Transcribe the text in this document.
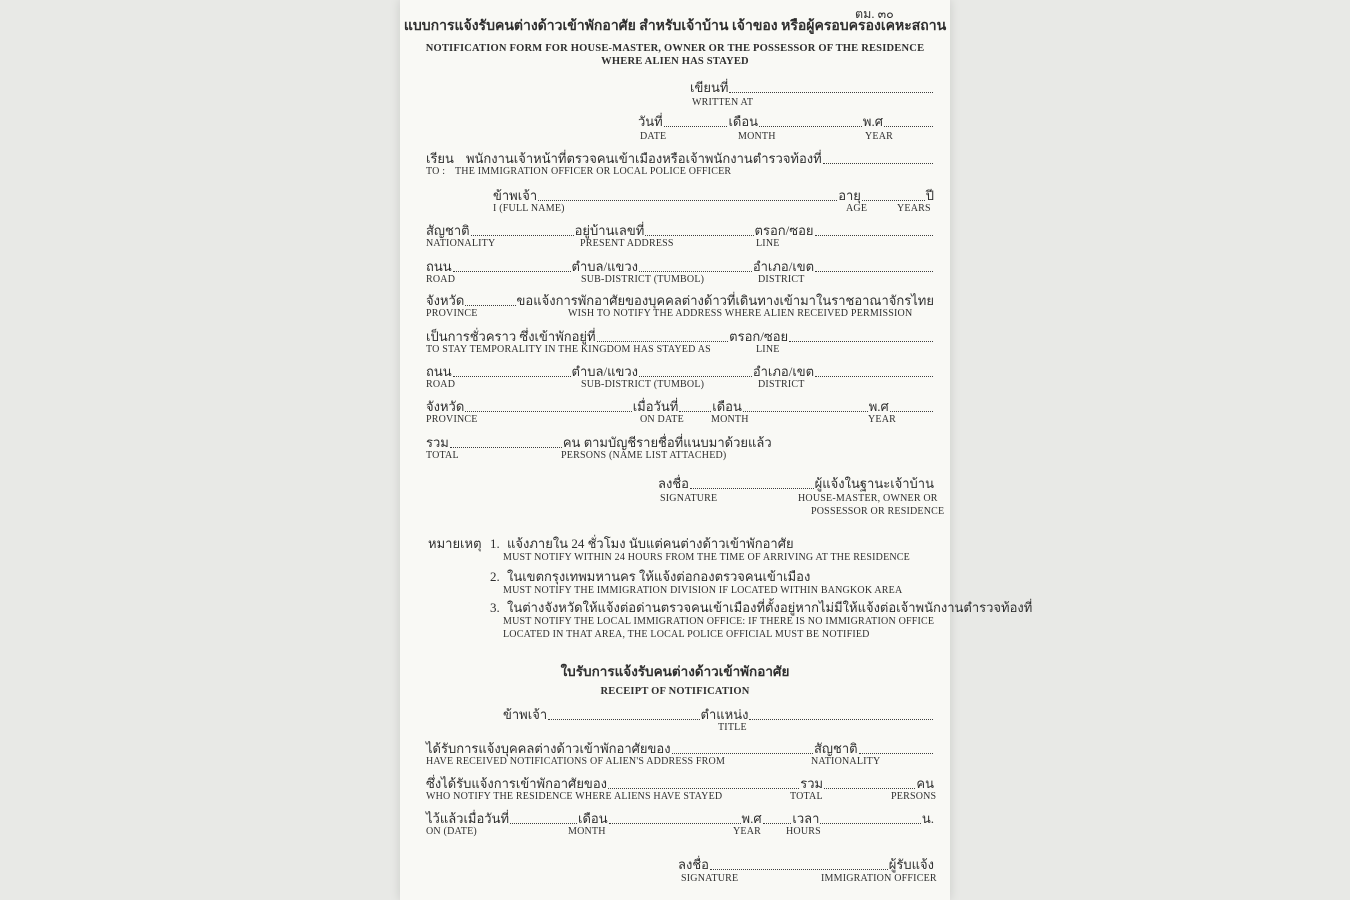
ตม. ๓๐
แบบการแจ้งรับคนต่างด้าวเข้าพักอาศัย สำหรับเจ้าบ้าน เจ้าของ หรือผู้ครอบครองเคหะสถาน
NOTIFICATION FORM FOR HOUSE-MASTER, OWNER OR THE POSSESSOR OF THE RESIDENCE
WHERE ALIEN HAS STAYED
เขียนที่
WRITTEN AT
วันที่	เดือน	พ.ศ
DATE	MONTH	YEAR
เรียน พนักงานเจ้าหน้าที่ตรวจคนเข้าเมืองหรือเจ้าพนักงานตำรวจท้องที่
TO : THE IMMIGRATION OFFICER OR LOCAL POLICE OFFICER
ข้าพเจ้า	อายุ	ปี
I (FULL NAME)	AGE	YEARS
สัญชาติ	อยู่บ้านเลขที่	ตรอก/ซอย
NATIONALITY	PRESENT ADDRESS	LINE
ถนน	ตำบล/แขวง	อำเภอ/เขต
ROAD	SUB-DISTRICT (TUMBOL)	DISTRICT
จังหวัด	ขอแจ้งการพักอาศัยของบุคคลต่างด้าวที่เดินทางเข้ามาในราชอาณาจักรไทย
PROVINCE	WISH TO NOTIFY THE ADDRESS WHERE ALIEN RECEIVED PERMISSION
เป็นการชั่วคราว ซึ่งเข้าพักอยู่ที่	ตรอก/ซอย
TO STAY TEMPORALITY IN THE KINGDOM HAS STAYED AS	LINE
ถนน	ตำบล/แขวง	อำเภอ/เขต
ROAD	SUB-DISTRICT (TUMBOL)	DISTRICT
จังหวัด	เมื่อวันที่	เดือน	พ.ศ
PROVINCE	ON DATE	MONTH	YEAR
รวม	คน ตามบัญชีรายชื่อที่แนบมาด้วยแล้ว
TOTAL	PERSONS (NAME LIST ATTACHED)
ลงชื่อ	ผู้แจ้งในฐานะเจ้าบ้าน
SIGNATURE	HOUSE-MASTER, OWNER OR
POSSESSOR OR RESIDENCE
หมายเหตุ 1. แจ้งภายใน 24 ชั่วโมง นับแต่คนต่างด้าวเข้าพักอาศัย
MUST NOTIFY WITHIN 24 HOURS FROM THE TIME OF ARRIVING AT THE RESIDENCE
2. ในเขตกรุงเทพมหานคร ให้แจ้งต่อกองตรวจคนเข้าเมือง
MUST NOTIFY THE IMMIGRATION DIVISION IF LOCATED WITHIN BANGKOK AREA
3. ในต่างจังหวัดให้แจ้งต่อด่านตรวจคนเข้าเมืองที่ตั้งอยู่หากไม่มีให้แจ้งต่อเจ้าพนักงานตำรวจท้องที่
MUST NOTIFY THE LOCAL IMMIGRATION OFFICE: IF THERE IS NO IMMIGRATION OFFICE
LOCATED IN THAT AREA, THE LOCAL POLICE OFFICIAL MUST BE NOTIFIED
ใบรับการแจ้งรับคนต่างด้าวเข้าพักอาศัย
RECEIPT OF NOTIFICATION
ข้าพเจ้า	ตำแหน่ง
TITLE
ได้รับการแจ้งบุคคลต่างด้าวเข้าพักอาศัยของ	สัญชาติ
HAVE RECEIVED NOTIFICATIONS OF ALIEN'S ADDRESS FROM	NATIONALITY
ซึ่งได้รับแจ้งการเข้าพักอาศัยของ	รวม	คน
WHO NOTIFY THE RESIDENCE WHERE ALIENS HAVE STAYED	TOTAL	PERSONS
ไว้แล้วเมื่อวันที่	เดือน	พ.ศ เวลา	น.
ON (DATE)	MONTH	YEAR HOURS
ลงชื่อ	ผู้รับแจ้ง
SIGNATURE	IMMIGRATION OFFICER
